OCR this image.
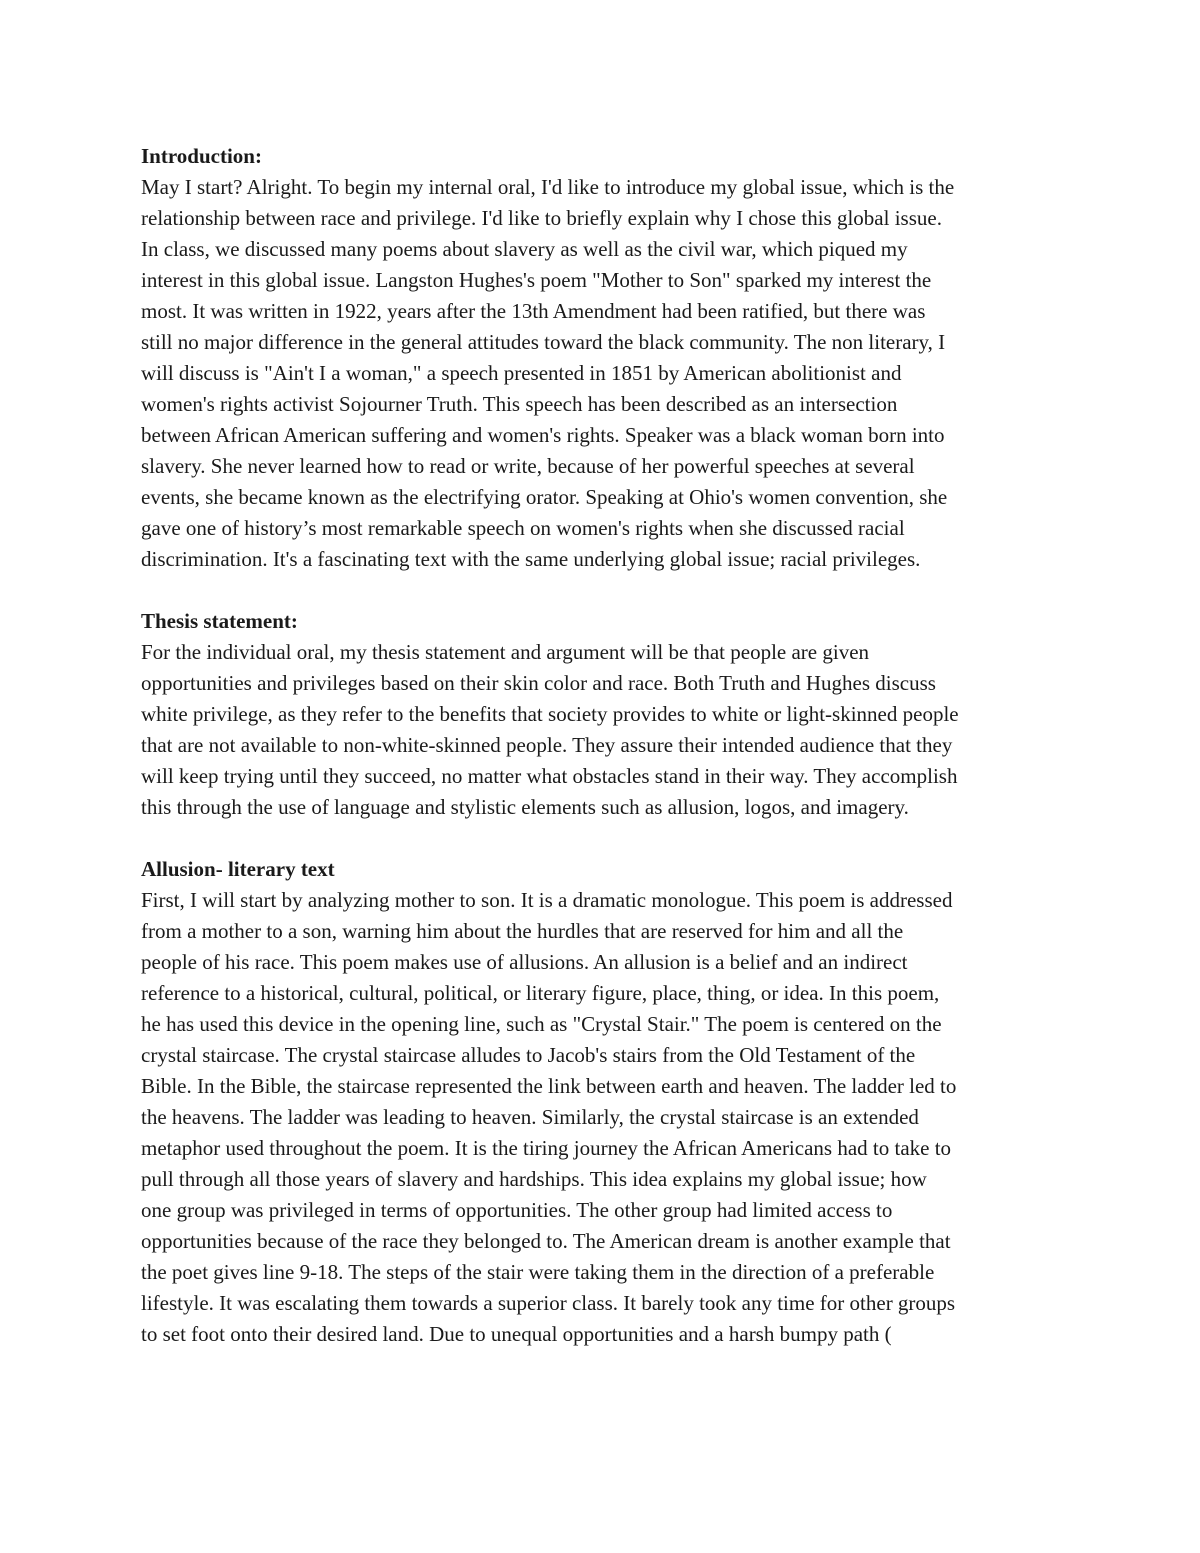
Introduction:
May I start? Alright. To begin my internal oral, I'd like to introduce my global issue, which is the
relationship between race and privilege. I'd like to briefly explain why I chose this global issue.
In class, we discussed many poems about slavery as well as the civil war, which piqued my
interest in this global issue. Langston Hughes's poem "Mother to Son" sparked my interest the
most. It was written in 1922, years after the 13th Amendment had been ratified, but there was
still no major difference in the general attitudes toward the black community. The non literary, I
will discuss is "Ain't I a woman," a speech presented in 1851 by American abolitionist and
women's rights activist Sojourner Truth. This speech has been described as an intersection
between African American suffering and women's rights. Speaker was a black woman born into
slavery. She never learned how to read or write, because of her powerful speeches at several
events, she became known as the electrifying orator. Speaking at Ohio's women convention, she
gave one of history’s most remarkable speech on women's rights when she discussed racial
discrimination. It's a fascinating text with the same underlying global issue; racial privileges.
Thesis statement:
For the individual oral, my thesis statement and argument will be that people are given
opportunities and privileges based on their skin color and race. Both Truth and Hughes discuss
white privilege, as they refer to the benefits that society provides to white or light-skinned people
that are not available to non-white-skinned people. They assure their intended audience that they
will keep trying until they succeed, no matter what obstacles stand in their way. They accomplish
this through the use of language and stylistic elements such as allusion, logos, and imagery.
Allusion- literary text
First, I will start by analyzing mother to son. It is a dramatic monologue. This poem is addressed
from a mother to a son, warning him about the hurdles that are reserved for him and all the
people of his race. This poem makes use of allusions. An allusion is a belief and an indirect
reference to a historical, cultural, political, or literary figure, place, thing, or idea. In this poem,
he has used this device in the opening line, such as "Crystal Stair." The poem is centered on the
crystal staircase. The crystal staircase alludes to Jacob's stairs from the Old Testament of the
Bible. In the Bible, the staircase represented the link between earth and heaven. The ladder led to
the heavens. The ladder was leading to heaven. Similarly, the crystal staircase is an extended
metaphor used throughout the poem. It is the tiring journey the African Americans had to take to
pull through all those years of slavery and hardships. This idea explains my global issue; how
one group was privileged in terms of opportunities. The other group had limited access to
opportunities because of the race they belonged to. The American dream is another example that
the poet gives line 9-18. The steps of the stair were taking them in the direction of a preferable
lifestyle. It was escalating them towards a superior class. It barely took any time for other groups
to set foot onto their desired land. Due to unequal opportunities and a harsh bumpy path (
